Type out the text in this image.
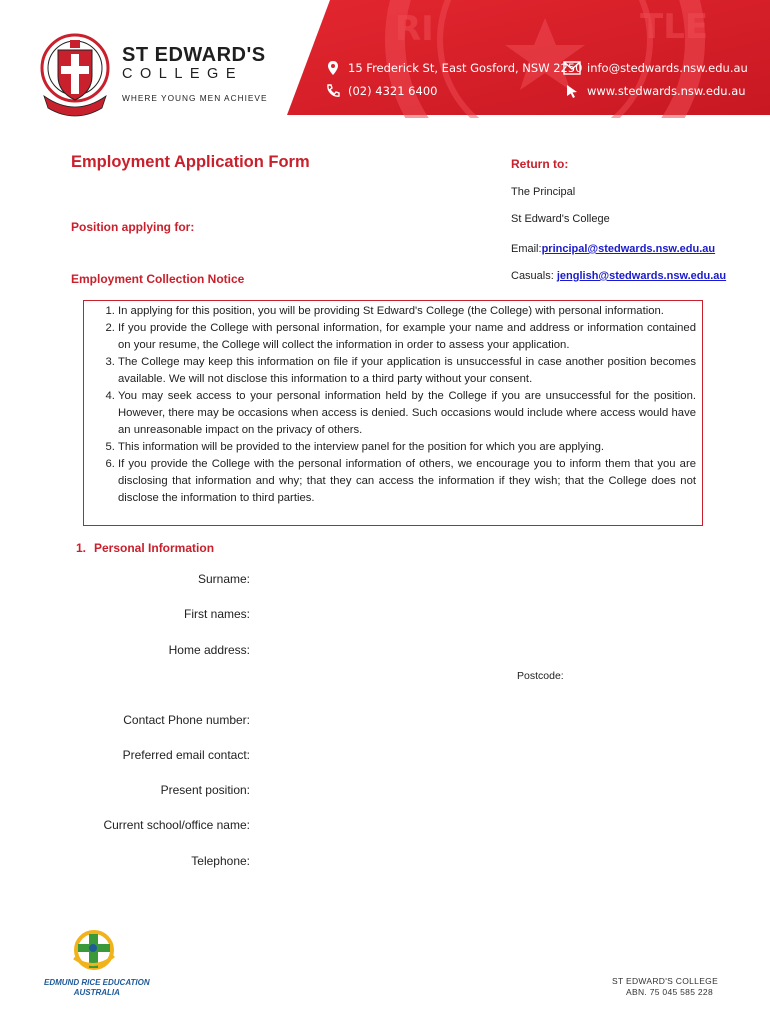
RI	TLE
ST EDWARD'S
COLLEGE
WHERE YOUNG MEN ACHIEVE
15 Frederick St, East Gosford, NSW 2250
(02) 4321 6400
info@stedwards.nsw.edu.au
www.stedwards.nsw.edu.au
Employment Application Form	Return to:
The Principal
St Edward's College
Email:principal@stedwards.nsw.edu.au
Casuals: jenglish@stedwards.nsw.edu.au
Position applying for:
Employment Collection Notice
1. In applying for this position, you will be providing St Edward's College (the College) with personal information.
2. If you provide the College with personal information, for example your name and address or information contained on your resume, the College will collect the information in order to assess your application.
3. The College may keep this information on file if your application is unsuccessful in case another position becomes available. We will not disclose this information to a third party without your consent.
4. You may seek access to your personal information held by the College if you are unsuccessful for the position. However, there may be occasions when access is denied. Such occasions would include where access would have an unreasonable impact on the privacy of others.
5. This information will be provided to the interview panel for the position for which you are applying.
6. If you provide the College with the personal information of others, we encourage you to inform them that you are disclosing that information and why; that they can access the information if they wish; that the College does not disclose the information to third parties.
1. Personal Information
Surname:
First names:
Home address:
Postcode:
Contact Phone number:
Preferred email contact:
Present position:
Current school/office name:
Telephone:
EDMUND RICE EDUCATION
AUSTRALIA
ST EDWARD'S COLLEGE
ABN. 75 045 585 228
